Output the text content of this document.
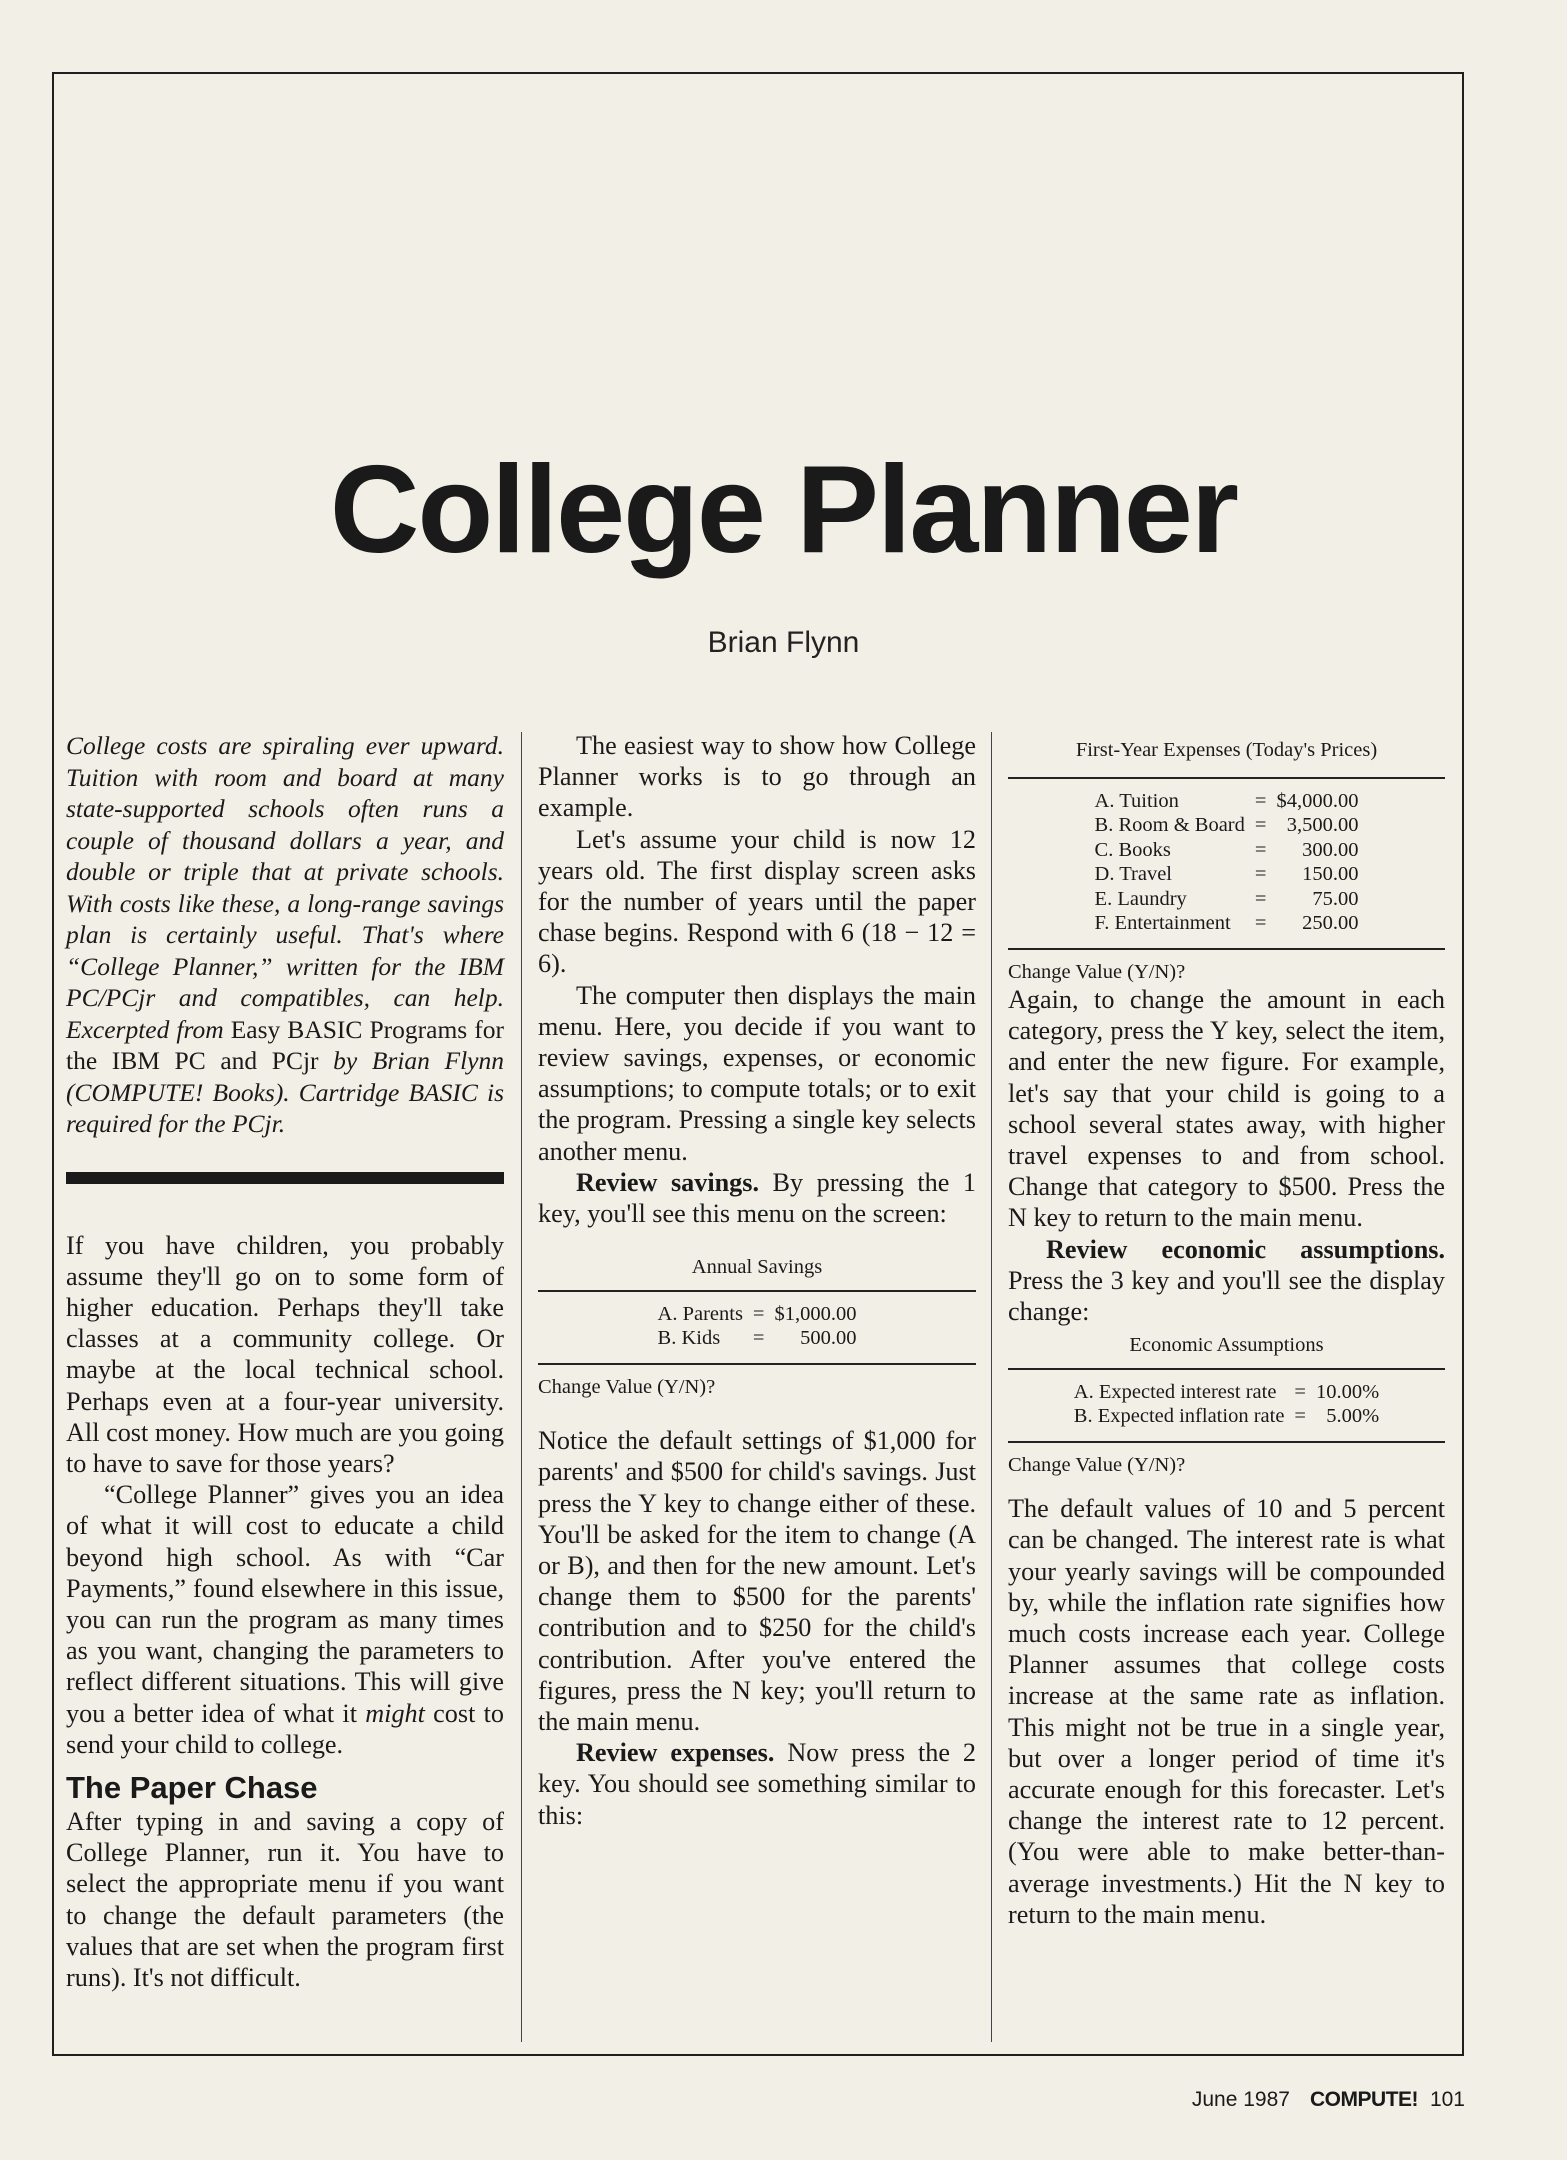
College Planner
Brian Flynn

College costs are spiraling ever upward. Tuition with room and board at many state-supported schools often runs a couple of thousand dollars a year, and double or triple that at private schools. With costs like these, a long-range savings plan is certainly useful. That's where “College Planner,” written for the IBM PC/PCjr and compatibles, can help. Excerpted from Easy BASIC Programs for the IBM PC and PCjr by Brian Flynn (COMPUTE! Books). Cartridge BASIC is required for the PCjr.

If you have children, you probably assume they'll go on to some form of higher education. Perhaps they'll take classes at a community college. Or maybe at the local technical school. Perhaps even at a four-year university. All cost money. How much are you going to have to save for those years?

“College Planner” gives you an idea of what it will cost to educate a child beyond high school. As with “Car Payments,” found elsewhere in this issue, you can run the program as many times as you want, changing the parameters to reflect different situations. This will give you a better idea of what it might cost to send your child to college.

The Paper Chase

After typing in and saving a copy of College Planner, run it. You have to select the appropriate menu if you want to change the default parameters (the values that are set when the program first runs). It's not difficult.

The easiest way to show how College Planner works is to go through an example.

Let's assume your child is now 12 years old. The first display screen asks for the number of years until the paper chase begins. Respond with 6 (18 − 12 = 6).

The computer then displays the main menu. Here, you decide if you want to review savings, expenses, or economic assumptions; to compute totals; or to exit the program. Pressing a single key selects another menu.

Review savings. By pressing the 1 key, you'll see this menu on the screen:

Annual Savings
A. Parents	=	$1,000.00
B. Kids	=	500.00
Change Value (Y/N)?

Notice the default settings of $1,000 for parents' and $500 for child's savings. Just press the Y key to change either of these. You'll be asked for the item to change (A or B), and then for the new amount. Let's change them to $500 for the parents' contribution and to $250 for the child's contribution. After you've entered the figures, press the N key; you'll return to the main menu.

Review expenses. Now press the 2 key. You should see something similar to this:

First-Year Expenses (Today's Prices)
A. Tuition	=	$4,000.00
B. Room & Board	=	3,500.00
C. Books	=	300.00
D. Travel	=	150.00
E. Laundry	=	75.00
F. Entertainment	=	250.00
Change Value (Y/N)?

Again, to change the amount in each category, press the Y key, select the item, and enter the new figure. For example, let's say that your child is going to a school several states away, with higher travel expenses to and from school. Change that category to $500. Press the N key to return to the main menu.

Review economic assumptions. Press the 3 key and you'll see the display change:

Economic Assumptions
A. Expected interest rate	=	10.00%
B. Expected inflation rate	=	5.00%
Change Value (Y/N)?

The default values of 10 and 5 percent can be changed. The interest rate is what your yearly savings will be compounded by, while the inflation rate signifies how much costs increase each year. College Planner assumes that college costs increase at the same rate as inflation. This might not be true in a single year, but over a longer period of time it's accurate enough for this forecaster. Let's change the interest rate to 12 percent. (You were able to make better-than-average investments.) Hit the N key to return to the main menu.

June 1987 COMPUTE! 101
